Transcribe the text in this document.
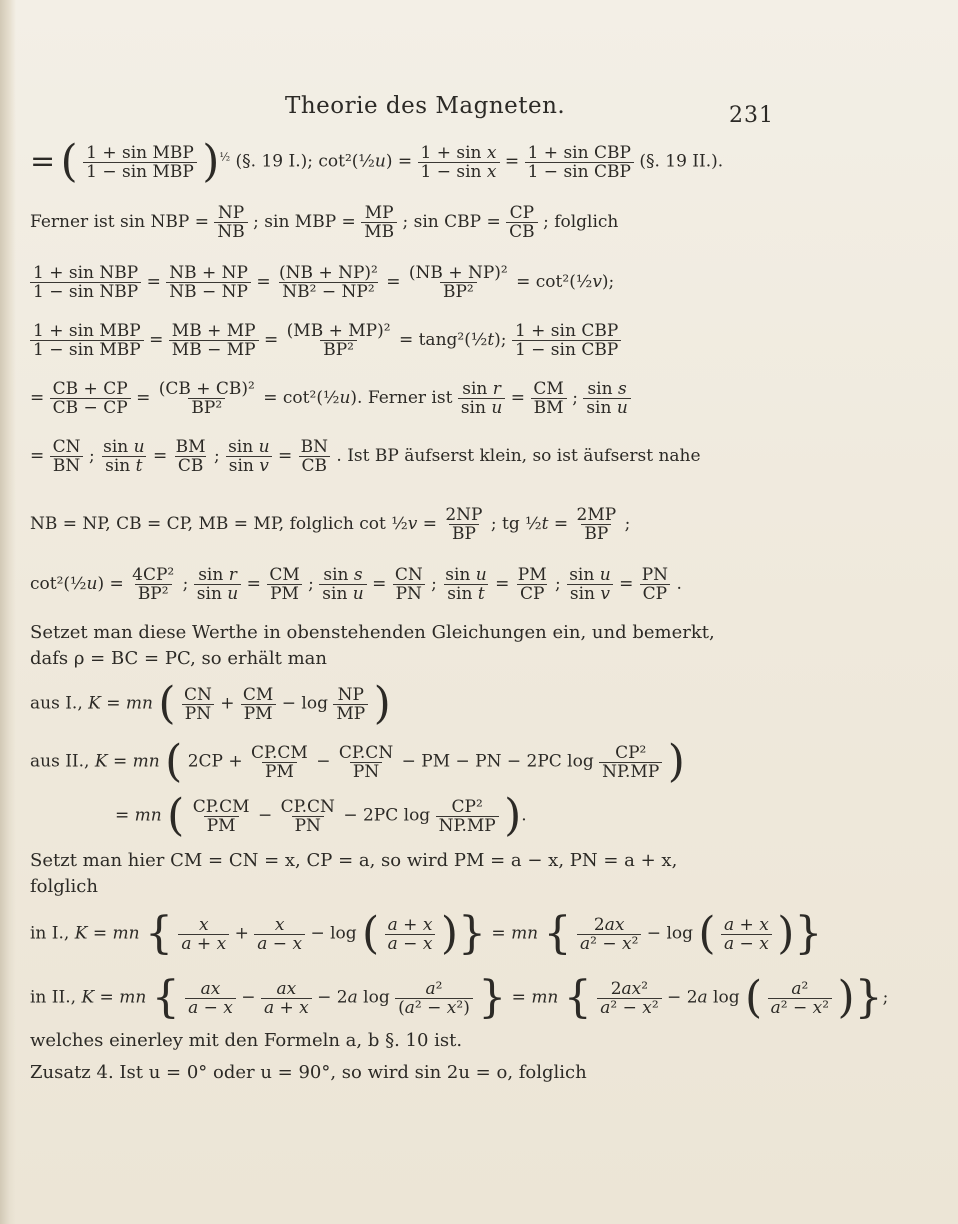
Theorie des Magneten.	231
= ( 1 + sin MBP
1 − sin MBP )$^{\frac{1}{2}}$ (§. 19 I.); cot²(½u) = $\frac{\text{1 + sin x}}{\text{1 − sin x}} = 1 + \sin$ CBP
1 − sin CBP (§. 19 II.).
Ferner ist sin NBP = $\frac{NP}{NB}$ ; sin MBP = $\frac{MP}{MB}$ ; sin CBP = $\frac{CP}{CB}$ ; folglich
1 + sin NBP
1 − sin NBP = $\frac{NB + NP}{NB - NP} = \frac{\text{(NB + NP)²}}{\text{NB² − NP²}} = \frac{\text{(NB + NP)²}}{\text{BP²}}$ = cot²(½v);
1 + sin MBP
1 − sin MBP = $\frac{MB + MP}{MB - MP} = \frac{\text{(MB + MP)²}}{\text{BP²}}$ = tang²(½t); 1 + sin CBP
1 − sin CBP
= $\frac{CB + CP}{CB - CP} = \frac{\text{(CB + CB)²}}{\text{BP²}}$ = cot²(½u). Ferner ist $\frac{\text{sin r}}{\text{sin u}} = \frac{CM}{BM}$ ; $\frac{\text{sin s}}{\text{sin u}}$
= $\frac{CN}{BN}$ ; $\frac{\text{sin u}}{\text{sin t}} = \frac{BM}{CB}$ ; $\frac{\text{sin u}}{\text{sin v}} = \frac{BN}{CB}$ . Ist BP äufserst klein, so ist äufserst nahe
NB = NP, CB = CP, MB = MP, folglich cot ½v = $\frac{2NP}{BP}$ ; tg ½t = $\frac{2MP}{BP}$ ;
cot²(½u) = $\frac{\text{4CP²}}{\text{BP²}}$ ; $\frac{\text{sin r}}{\text{sin u}} = \frac{CM}{PM}$ ; $\frac{\text{sin s}}{\text{sin u}} = \frac{CN}{PN}$ ; $\frac{\text{sin u}}{\text{sin t}} = \frac{PM}{CP}$ ; $\frac{\text{sin u}}{\text{sin v}} = \frac{PN}{CP}$ .
Setzet man diese Werthe in obenstehenden Gleichungen ein, und bemerkt,
dafs ρ = BC = PC, so erhält man
aus I., K = mn ( $\frac{CN}{PN} + \frac{CM}{PM} - \log \frac{NP}{MP}$ )
aus II., K = mn ( $2CP + \frac{CP.CM}{PM} - \frac{CP.CN}{PN}$ − PM − PN − 2PC $\log \frac{\text{CP²}}{NP.MP}$ )
= mn ( $\frac{CP.CM}{PM} - \frac{CP.CN}{PN} - 2PC$ $\log \frac{\text{CP²}}{NP.MP}$ ).
Setzt man hier CM = CN = x, CP = a, so wird PM = a − x, PN = a + x,
folglich
in I., K = mn { $\frac{x}{a + x} + \frac{x}{a - x} - \log$ ( $\frac{a + x}{a - x}$ )} = mn { $\frac{2ax}{\text{a² − x²}} - \log$ ( $\frac{a + x}{a - x}$ )}
in II., K = mn { $\frac{ax}{a - x} - \frac{ax}{a + x} - 2a$ $\log \frac{\text{a²}}{\text{(a² − x²)}}$ } = mn { $\frac{\text{2ax²}}{\text{a² − x²}} - 2a$ log ( $\frac{\text{a²}}{\text{a² − x²}}$ )};
welches einerley mit den Formeln a, b §. 10 ist.
Zusatz 4. Ist u = 0° oder u = 90°, so wird sin 2u = o, folglich
